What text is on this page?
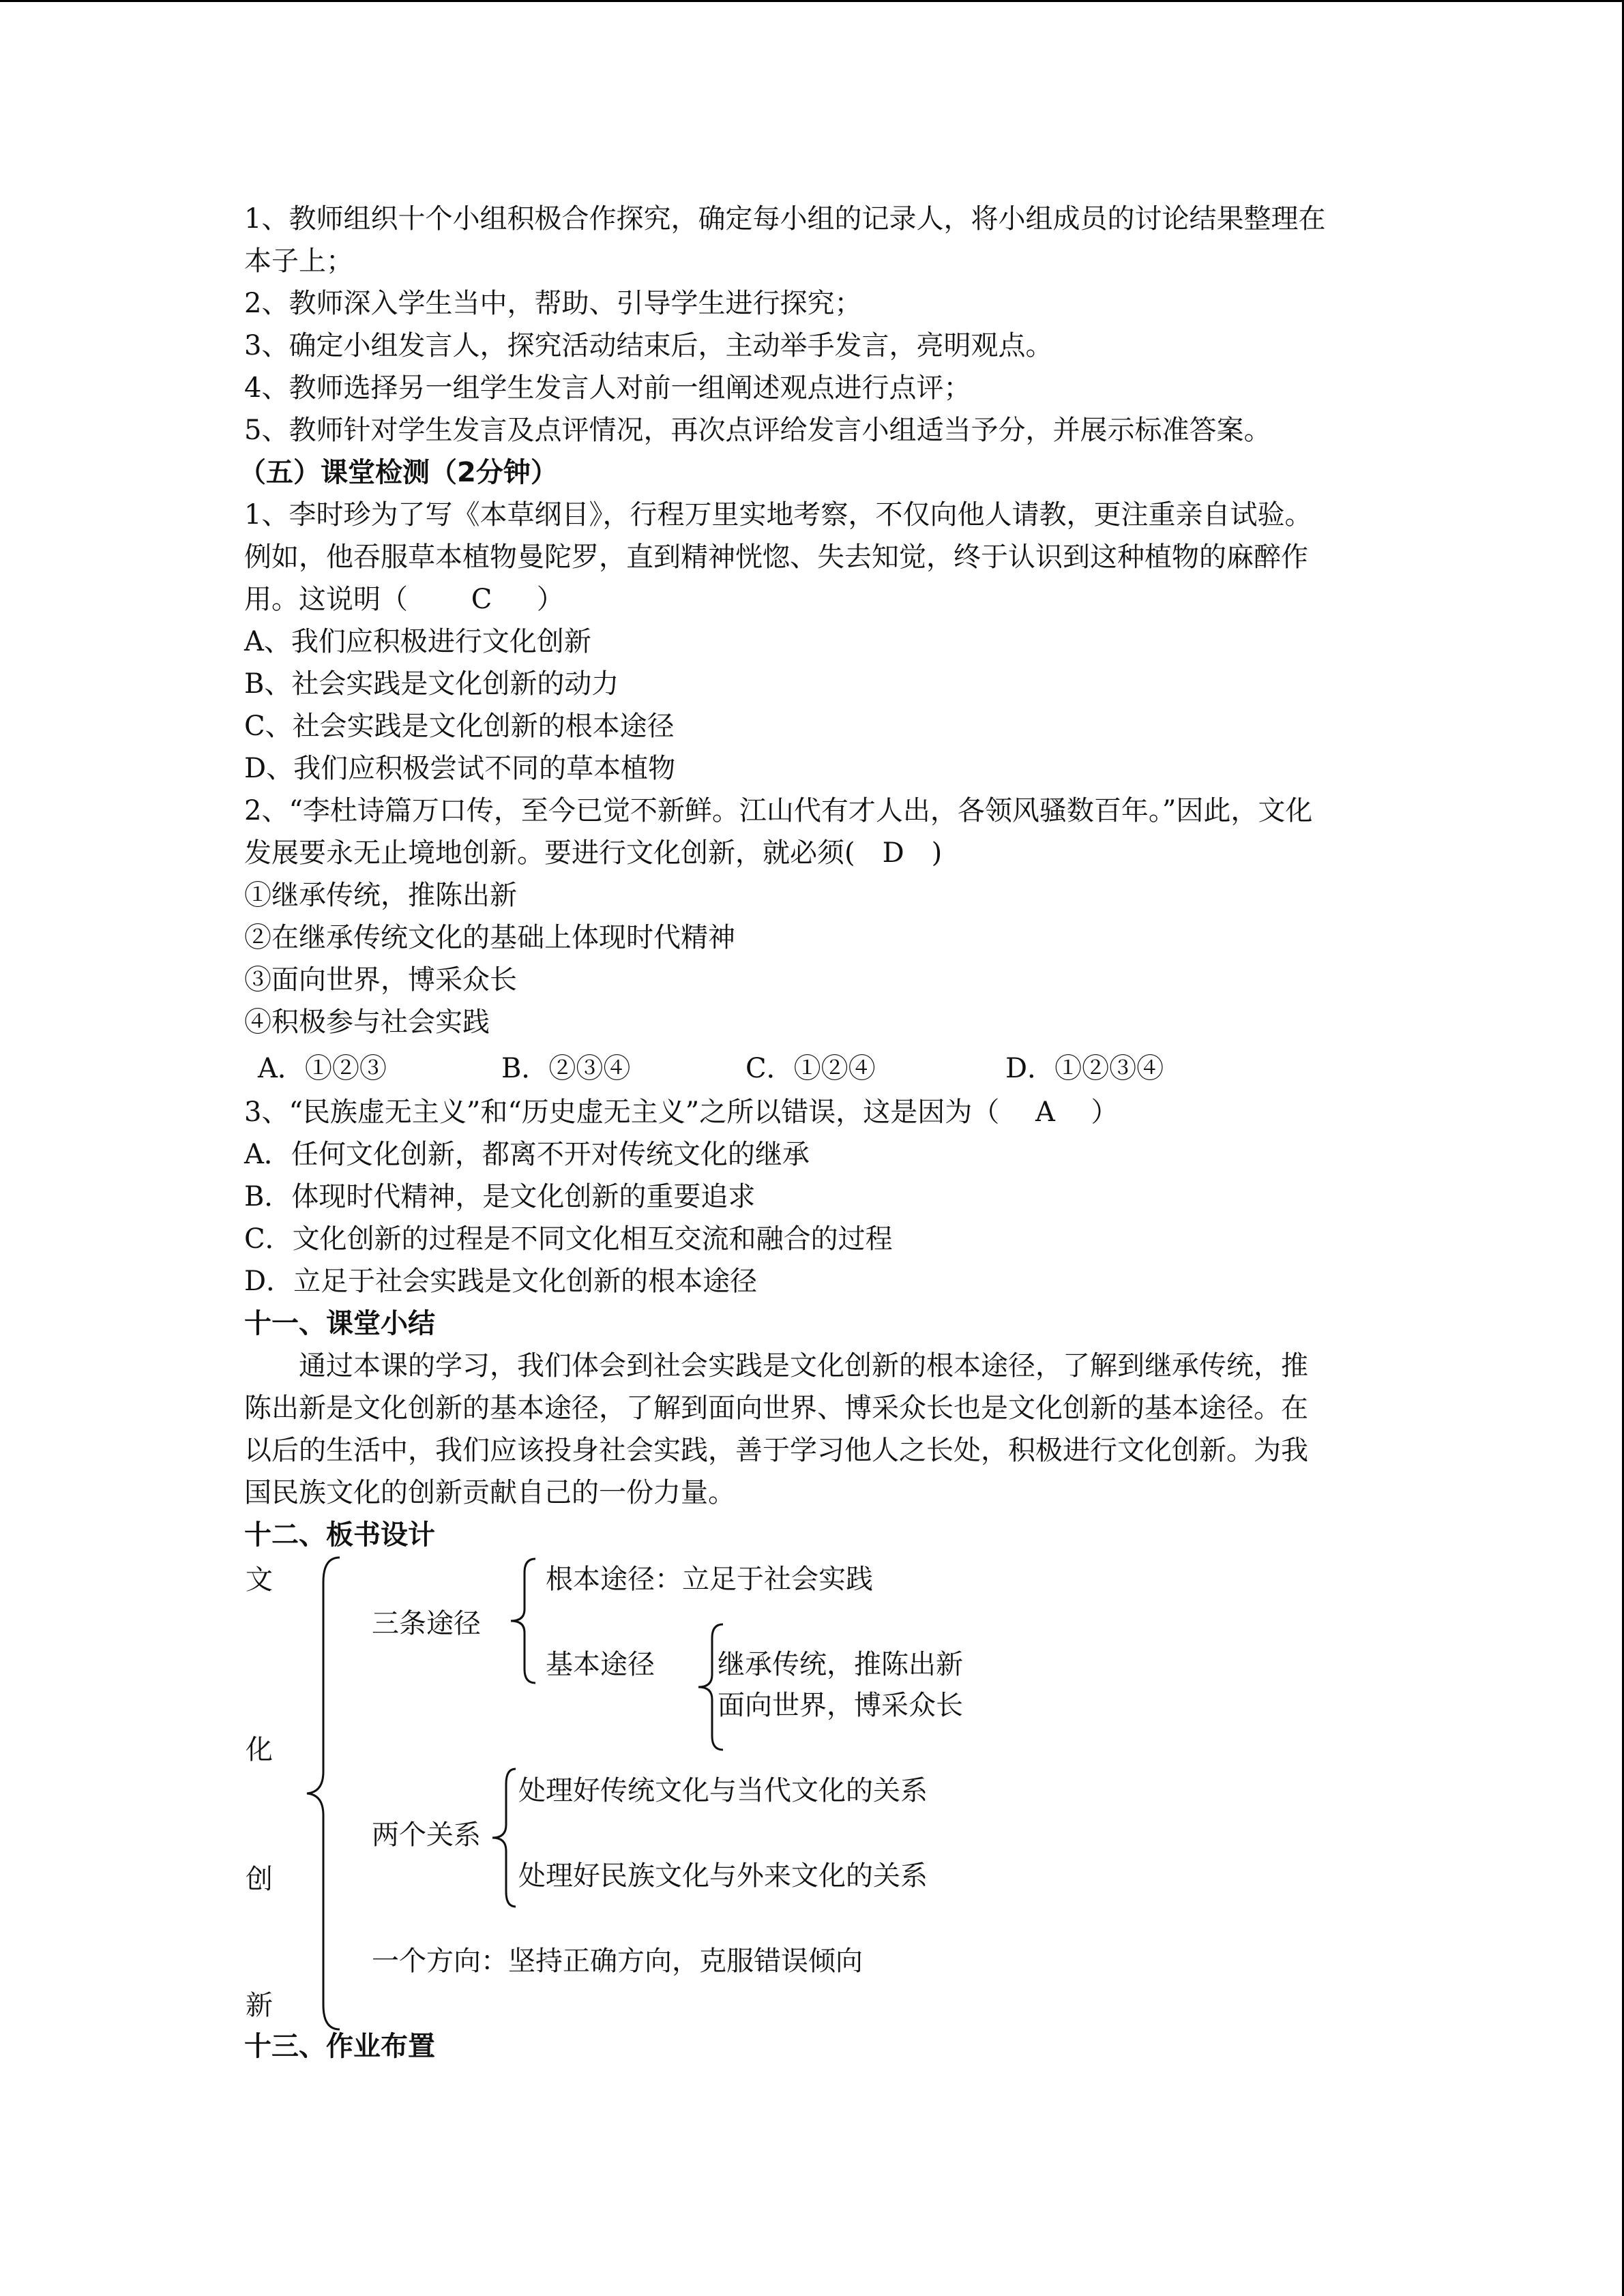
1、教师组织十个小组积极合作探究，确定每小组的记录人，将小组成员的讨论结果整理在
本子上；
2、教师深入学生当中，帮助、引导学生进行探究；
3、确定小组发言人，探究活动结束后，主动举手发言，亮明观点。
4、教师选择另一组学生发言人对前一组阐述观点进行点评；
5、教师针对学生发言及点评情况，再次点评给发言小组适当予分，并展示标准答案。
（五）课堂检测（2分钟）
1、李时珍为了写《本草纲目》，行程万里实地考察，不仅向他人请教，更注重亲自试验。
例如，他吞服草本植物曼陀罗，直到精神恍惚、失去知觉，终于认识到这种植物的麻醉作
用。这说明（　　 C 　 ）
A、我们应积极进行文化创新
B、社会实践是文化创新的动力
C、社会实践是文化创新的根本途径
D、我们应积极尝试不同的草本植物
2、“李杜诗篇万口传，至今已觉不新鲜。江山代有才人出，各领风骚数百年。”因此，文化
发展要永无止境地创新。要进行文化创新，就必须(　D　)
①继承传统，推陈出新
②在继承传统文化的基础上体现时代精神
③面向世界，博采众长
④积极参与社会实践
A．①②③	B．②③④	C．①②④	D．①②③④
3、“民族虚无主义”和“历史虚无主义”之所以错误，这是因为（　 A　 ）
A．任何文化创新，都离不开对传统文化的继承
B．体现时代精神，是文化创新的重要追求
C．文化创新的过程是不同文化相互交流和融合的过程
D．立足于社会实践是文化创新的根本途径
十一、课堂小结
　　通过本课的学习，我们体会到社会实践是文化创新的根本途径，了解到继承传统，推
陈出新是文化创新的基本途径，了解到面向世界、博采众长也是文化创新的基本途径。在
以后的生活中，我们应该投身社会实践，善于学习他人之长处，积极进行文化创新。为我
国民族文化的创新贡献自己的一份力量。
十二、板书设计
文
化
创
新
三条途径
根本途径：立足于社会实践
基本途径 继承传统，推陈出新
面向世界，博采众长
两个关系
处理好传统文化与当代文化的关系
处理好民族文化与外来文化的关系
一个方向：坚持正确方向，克服错误倾向
十三、作业布置
